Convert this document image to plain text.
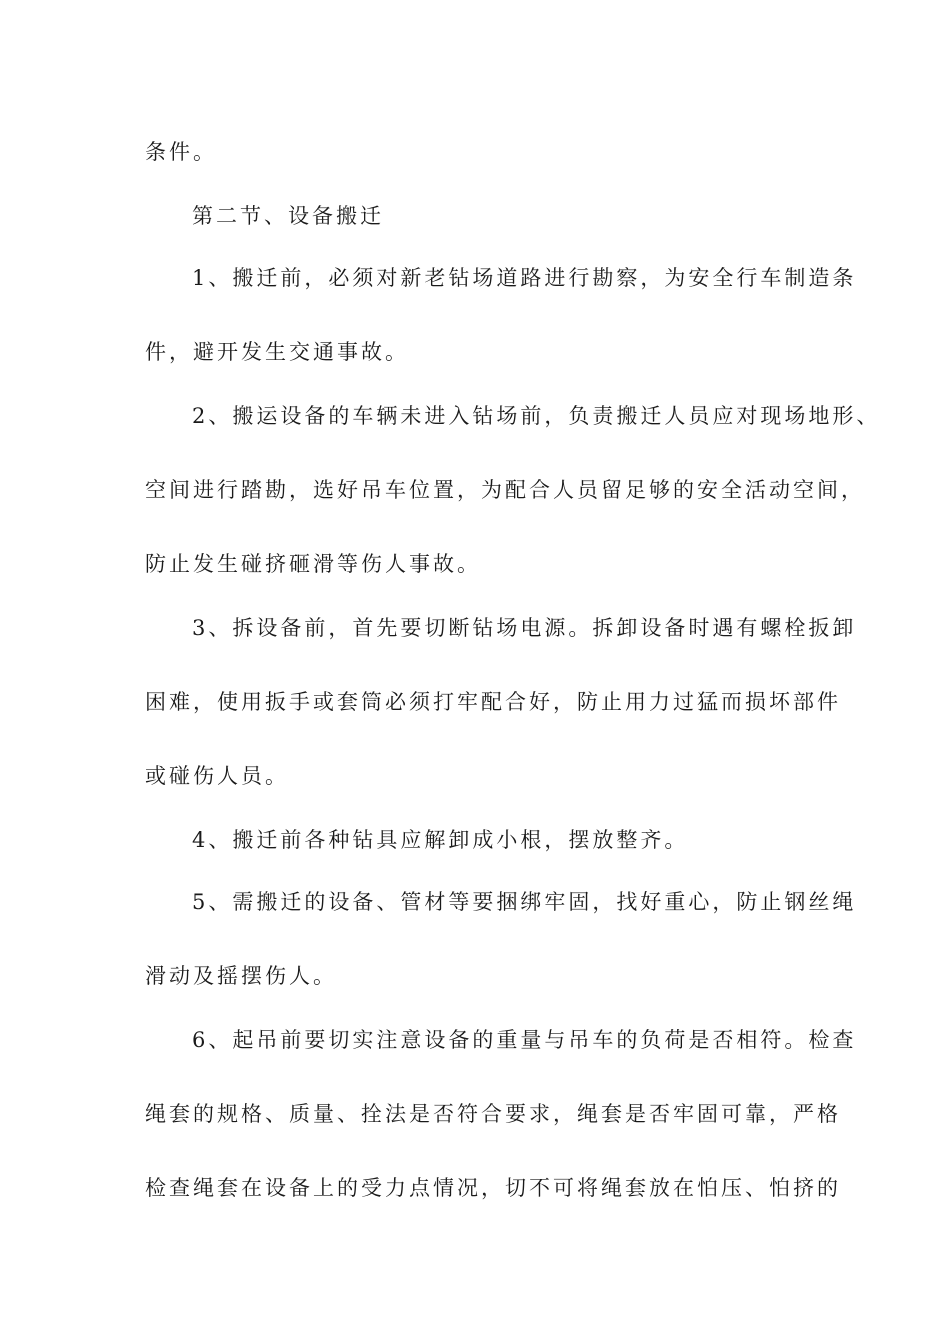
条件。
第二节、设备搬迁
1、搬迁前，必须对新老钻场道路进行勘察，为安全行车制造条
件，避开发生交通事故。
2、搬运设备的车辆未进入钻场前，负责搬迁人员应对现场地形、
空间进行踏勘，选好吊车位置，为配合人员留足够的安全活动空间，
防止发生碰挤砸滑等伤人事故。
3、拆设备前，首先要切断钻场电源。拆卸设备时遇有螺栓扳卸
困难，使用扳手或套筒必须打牢配合好，防止用力过猛而损坏部件
或碰伤人员。
4、搬迁前各种钻具应解卸成小根，摆放整齐。
5、需搬迁的设备、管材等要捆绑牢固，找好重心，防止钢丝绳
滑动及摇摆伤人。
6、起吊前要切实注意设备的重量与吊车的负荷是否相符。检查
绳套的规格、质量、拴法是否符合要求，绳套是否牢固可靠，严格
检查绳套在设备上的受力点情况，切不可将绳套放在怕压、怕挤的
